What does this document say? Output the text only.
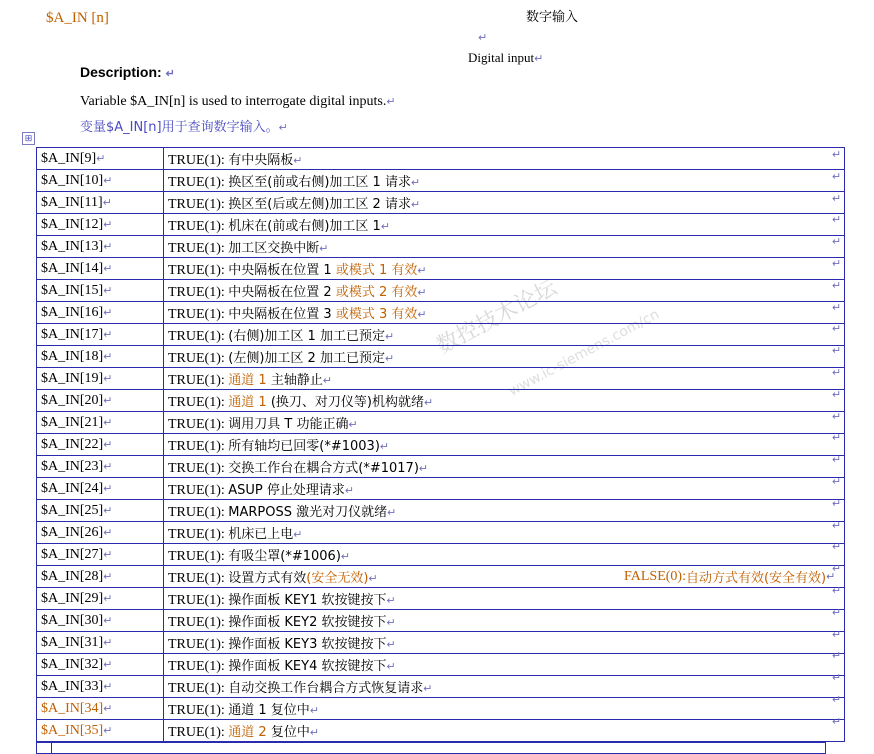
$A_IN [n]	数字输入
↵
Digital input↵
Description: ↵
Variable $A_IN[n] is used to interrogate digital inputs.↵
变量$A_IN[n]用于查询数字输入。↵
⊞
数控技术论坛
www.ic-siemens.com/cn
$A_IN[9]↵	TRUE(1): 有中央隔板↵
$A_IN[10]↵	TRUE(1): 换区至(前或右侧)加工区 1 请求↵
$A_IN[11]↵	TRUE(1): 换区至(后或左侧)加工区 2 请求↵
$A_IN[12]↵	TRUE(1): 机床在(前或右侧)加工区 1↵
$A_IN[13]↵	TRUE(1): 加工区交换中断↵
$A_IN[14]↵	TRUE(1): 中央隔板在位置 1 或模式 1 有效↵
$A_IN[15]↵	TRUE(1): 中央隔板在位置 2 或模式 2 有效↵
$A_IN[16]↵	TRUE(1): 中央隔板在位置 3 或模式 3 有效↵
$A_IN[17]↵	TRUE(1): (右侧)加工区 1 加工已预定↵
$A_IN[18]↵	TRUE(1): (左侧)加工区 2 加工已预定↵
$A_IN[19]↵	TRUE(1): 通道 1 主轴静止↵
$A_IN[20]↵	TRUE(1): 通道 1 (换刀、对刀仪等)机构就绪↵
$A_IN[21]↵	TRUE(1): 调用刀具 T 功能正确↵
$A_IN[22]↵	TRUE(1): 所有轴均已回零(*#1003)↵
$A_IN[23]↵	TRUE(1): 交换工作台在耦合方式(*#1017)↵
$A_IN[24]↵	TRUE(1): ASUP 停止处理请求↵
$A_IN[25]↵	TRUE(1): MARPOSS 激光对刀仪就绪↵
$A_IN[26]↵	TRUE(1): 机床已上电↵
$A_IN[27]↵	TRUE(1): 有吸尘罩(*#1006)↵
$A_IN[28]↵	TRUE(1): 设置方式有效(安全无效)↵ FALSE(0): 自动方式有效 (安全有效) ↵

$A_IN[29]↵	TRUE(1): 操作面板 KEY1 软按键按下↵
$A_IN[30]↵	TRUE(1): 操作面板 KEY2 软按键按下↵
$A_IN[31]↵	TRUE(1): 操作面板 KEY3 软按键按下↵
$A_IN[32]↵	TRUE(1): 操作面板 KEY4 软按键按下↵
$A_IN[33]↵	TRUE(1): 自动交换工作台耦合方式恢复请求↵
$A_IN[34]↵	TRUE(1): 通道 1 复位中↵
$A_IN[35]↵	TRUE(1): 通道 2 复位中↵
↵
↵
↵
↵
↵
↵
↵
↵
↵
↵
↵
↵
↵
↵
↵
↵
↵
↵
↵
↵
↵
↵
↵
↵
↵
↵
↵
